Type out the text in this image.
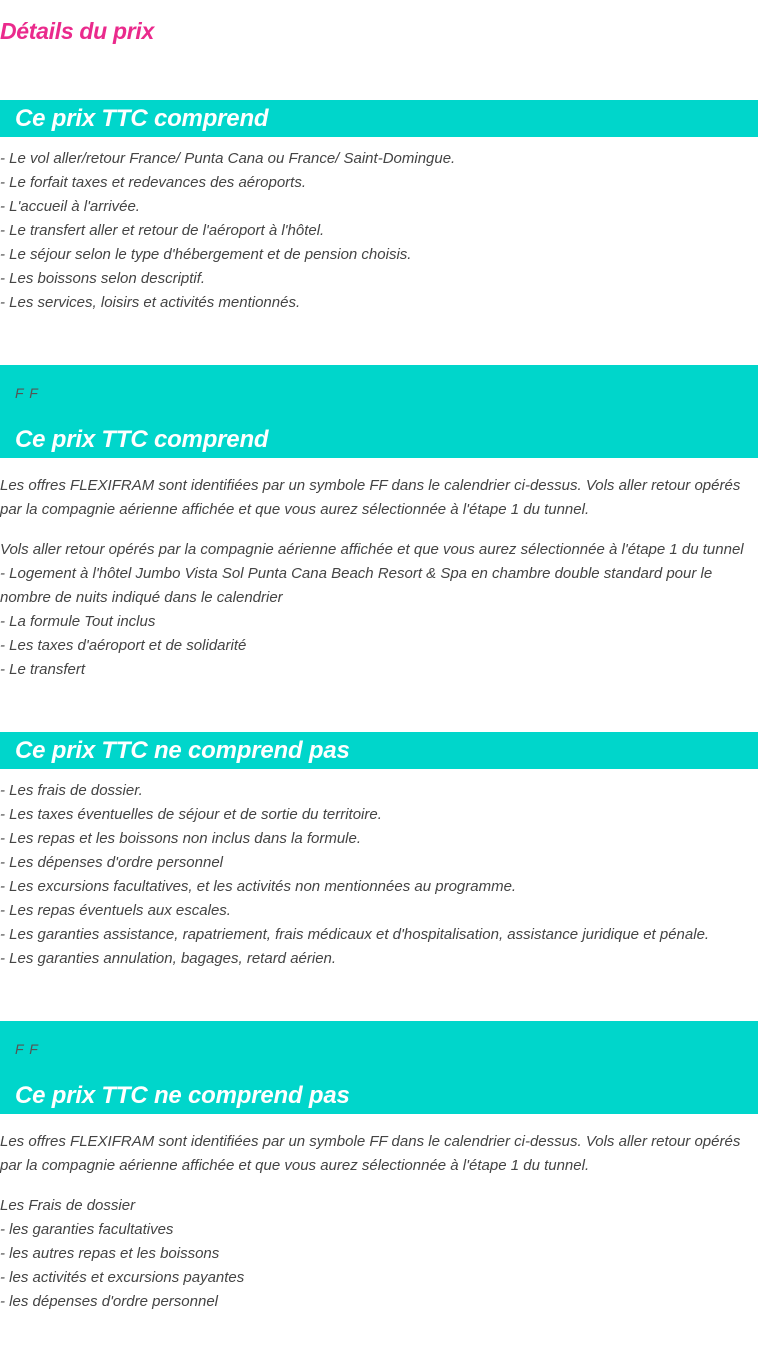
Détails du prix
Ce prix TTC comprend
- Le vol aller/retour France/ Punta Cana ou France/ Saint-Domingue.
- Le forfait taxes et redevances des aéroports.
- L'accueil à l'arrivée.
- Le transfert aller et retour de l'aéroport à l'hôtel.
- Le séjour selon le type d'hébergement et de pension choisis.
- Les boissons selon descriptif.
- Les services, loisirs et activités mentionnés.
F F
Ce prix TTC comprend

Les offres FLEXIFRAM sont identifiées par un symbole FF dans le calendrier ci-dessus. Vols aller retour opérés par la compagnie aérienne affichée et que vous aurez sélectionnée à l'étape 1 du tunnel.

Vols aller retour opérés par la compagnie aérienne affichée et que vous aurez sélectionnée à l'étape 1 du tunnel
- Logement à l'hôtel Jumbo Vista Sol Punta Cana Beach Resort & Spa en chambre double standard pour le nombre de nuits indiqué dans le calendrier
- La formule Tout inclus
- Les taxes d'aéroport et de solidarité
- Le transfert
Ce prix TTC ne comprend pas
- Les frais de dossier.
- Les taxes éventuelles de séjour et de sortie du territoire.
- Les repas et les boissons non inclus dans la formule.
- Les dépenses d'ordre personnel
- Les excursions facultatives, et les activités non mentionnées au programme.
- Les repas éventuels aux escales.
- Les garanties assistance, rapatriement, frais médicaux et d'hospitalisation, assistance juridique et pénale.
- Les garanties annulation, bagages, retard aérien.
F F
Ce prix TTC ne comprend pas

Les offres FLEXIFRAM sont identifiées par un symbole FF dans le calendrier ci-dessus. Vols aller retour opérés par la compagnie aérienne affichée et que vous aurez sélectionnée à l'étape 1 du tunnel.

Les Frais de dossier
- les garanties facultatives
- les autres repas et les boissons
- les activités et excursions payantes
- les dépenses d'ordre personnel
